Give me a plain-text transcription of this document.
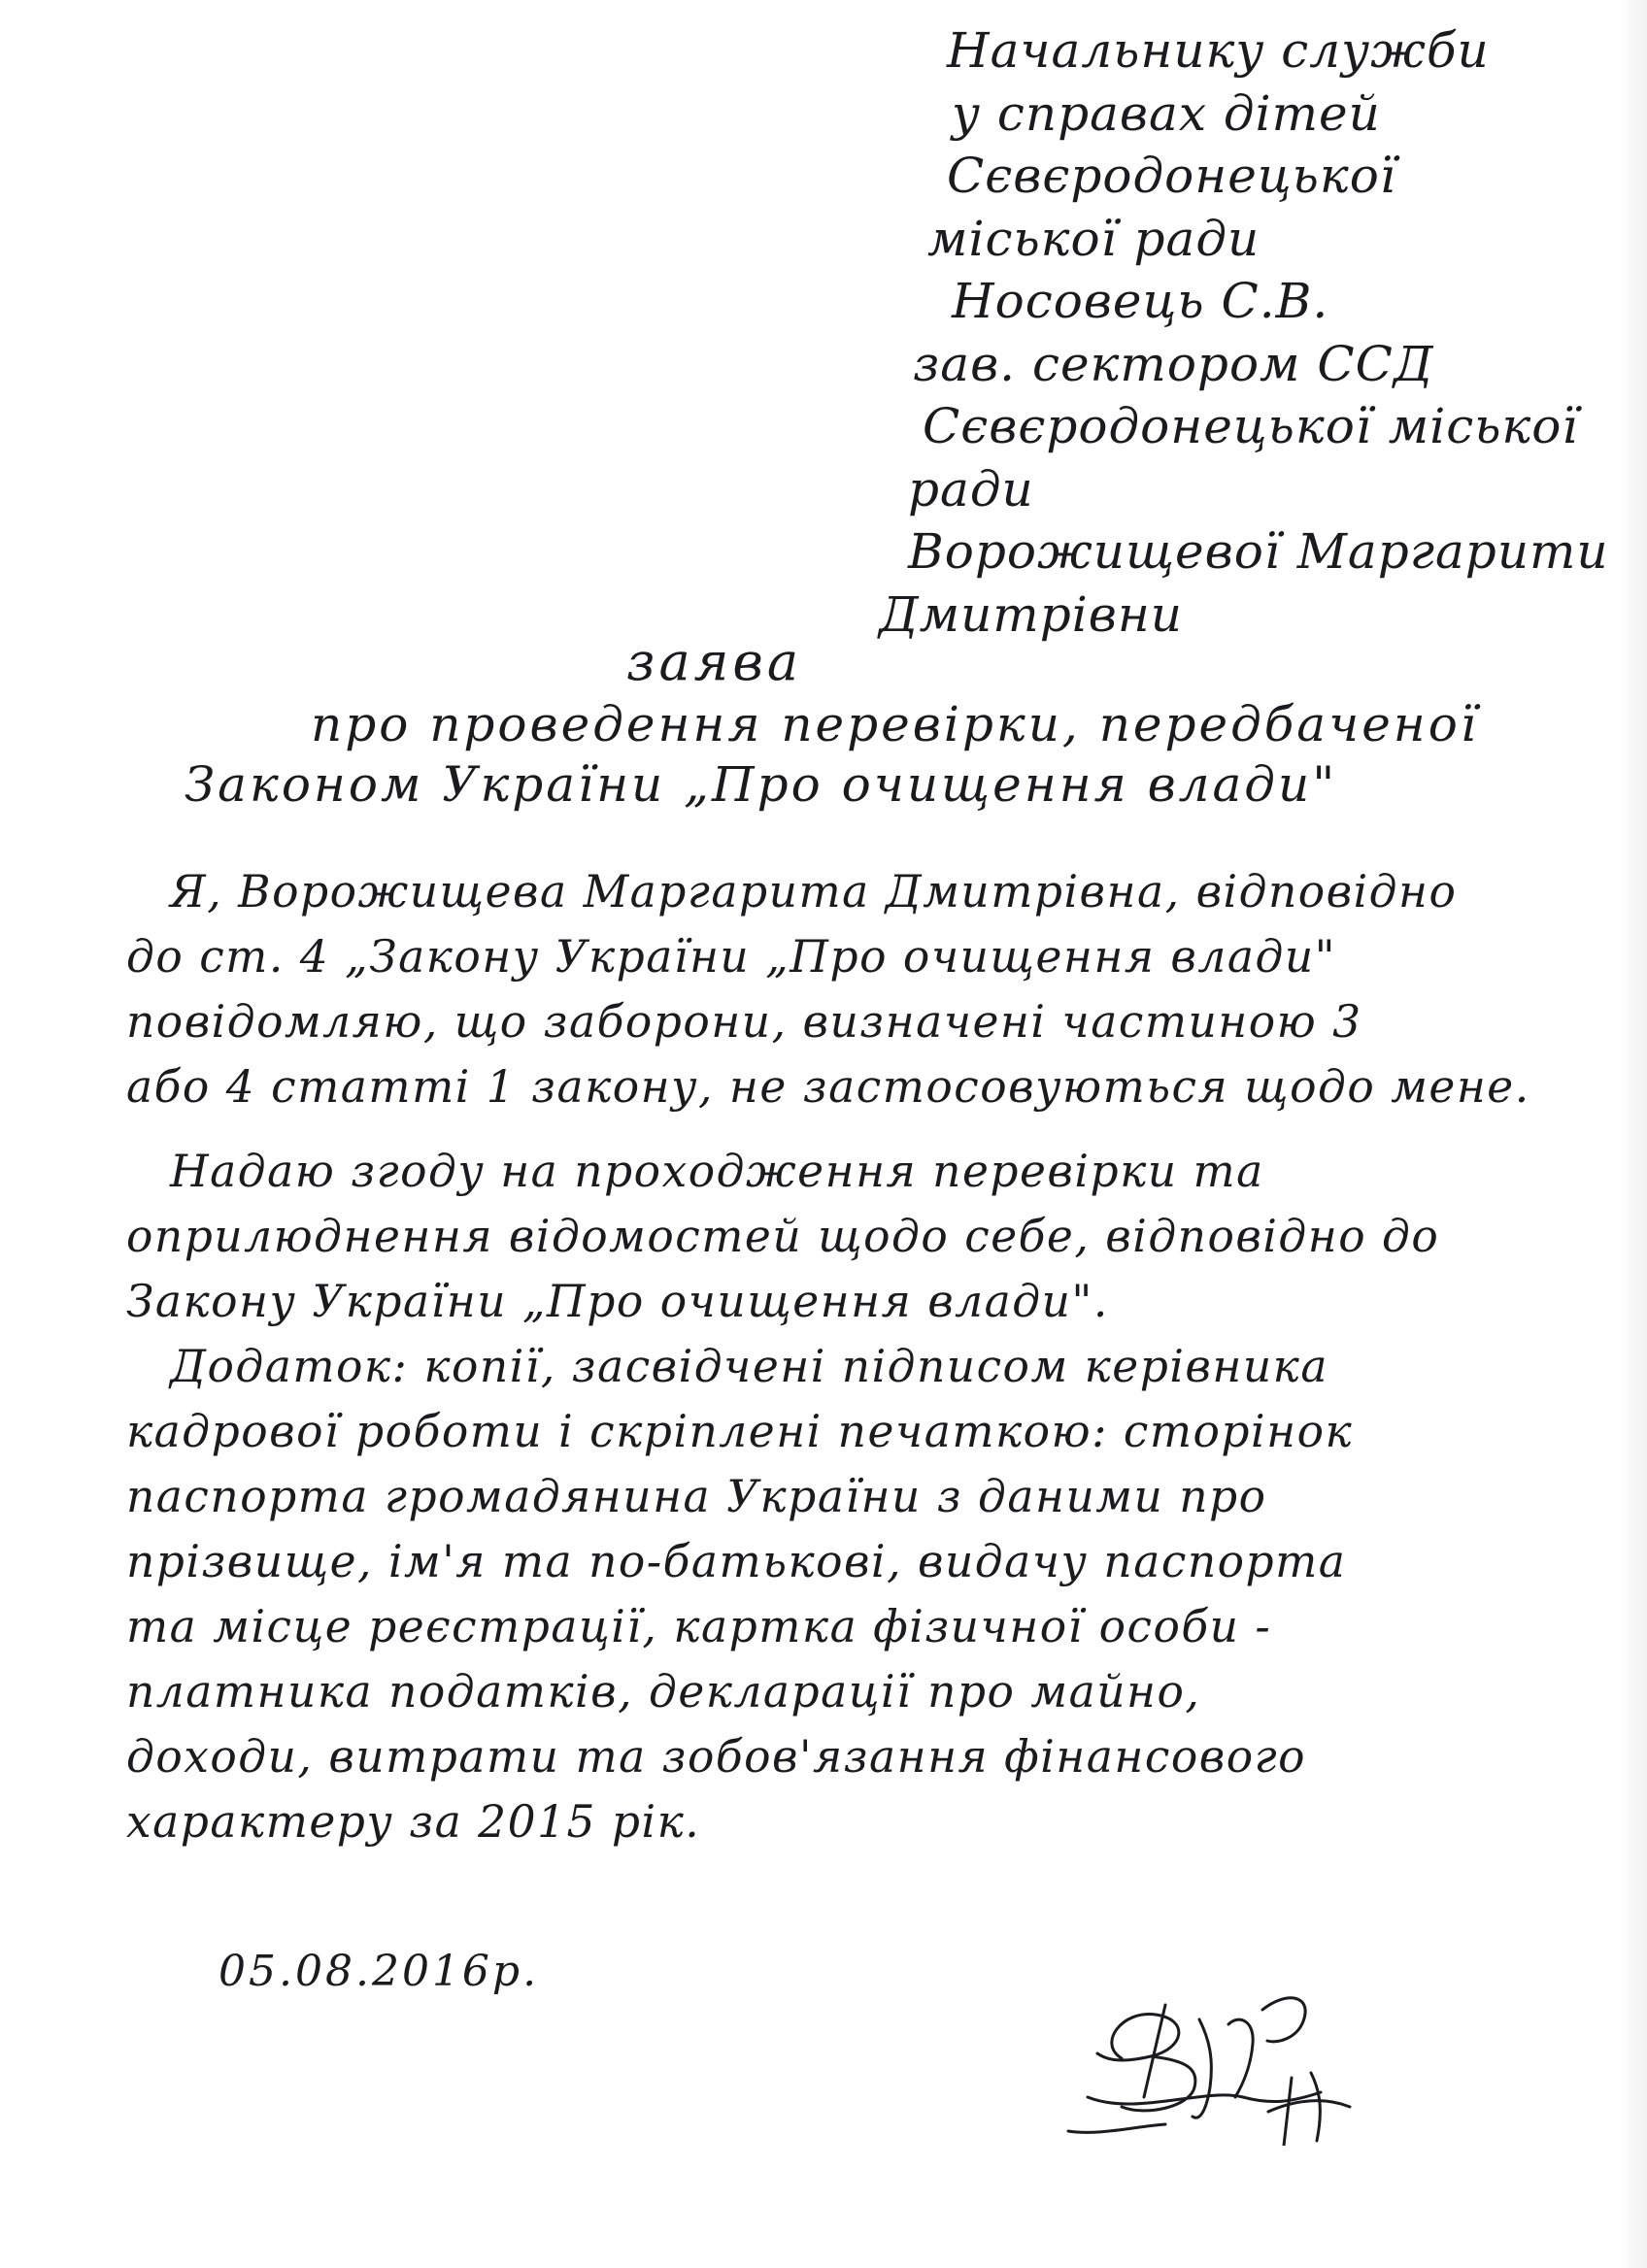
Начальнику служби
у справах дітей
Сєвєродонецької
міської ради
Носовець С.В.
зав. сектором ССД
Сєвєродонецької міської
ради
Ворожищевої Маргарити
Дмитрівни
заява
про проведення перевірки, передбаченої
Законом України „Про очищення влади"
Я, Ворожищева Маргарита Дмитрівна, відповідно
до ст. 4 „Закону України „Про очищення влади"
повідомляю, що заборони, визначені частиною 3
або 4 статті 1 закону, не застосовуються щодо мене.
Надаю згоду на проходження перевірки та
оприлюднення відомостей щодо себе, відповідно до
Закону України „Про очищення влади".
Додаток: копії, засвідчені підписом керівника
кадрової роботи і скріплені печаткою: сторінок
паспорта громадянина України з даними про
прізвище, ім'я та по-батькові, видачу паспорта
та місце реєстрації, картка фізичної особи -
платника податків, декларації про майно,
доходи, витрати та зобов'язання фінансового
характеру за 2015 рік.
05.08.2016р.
